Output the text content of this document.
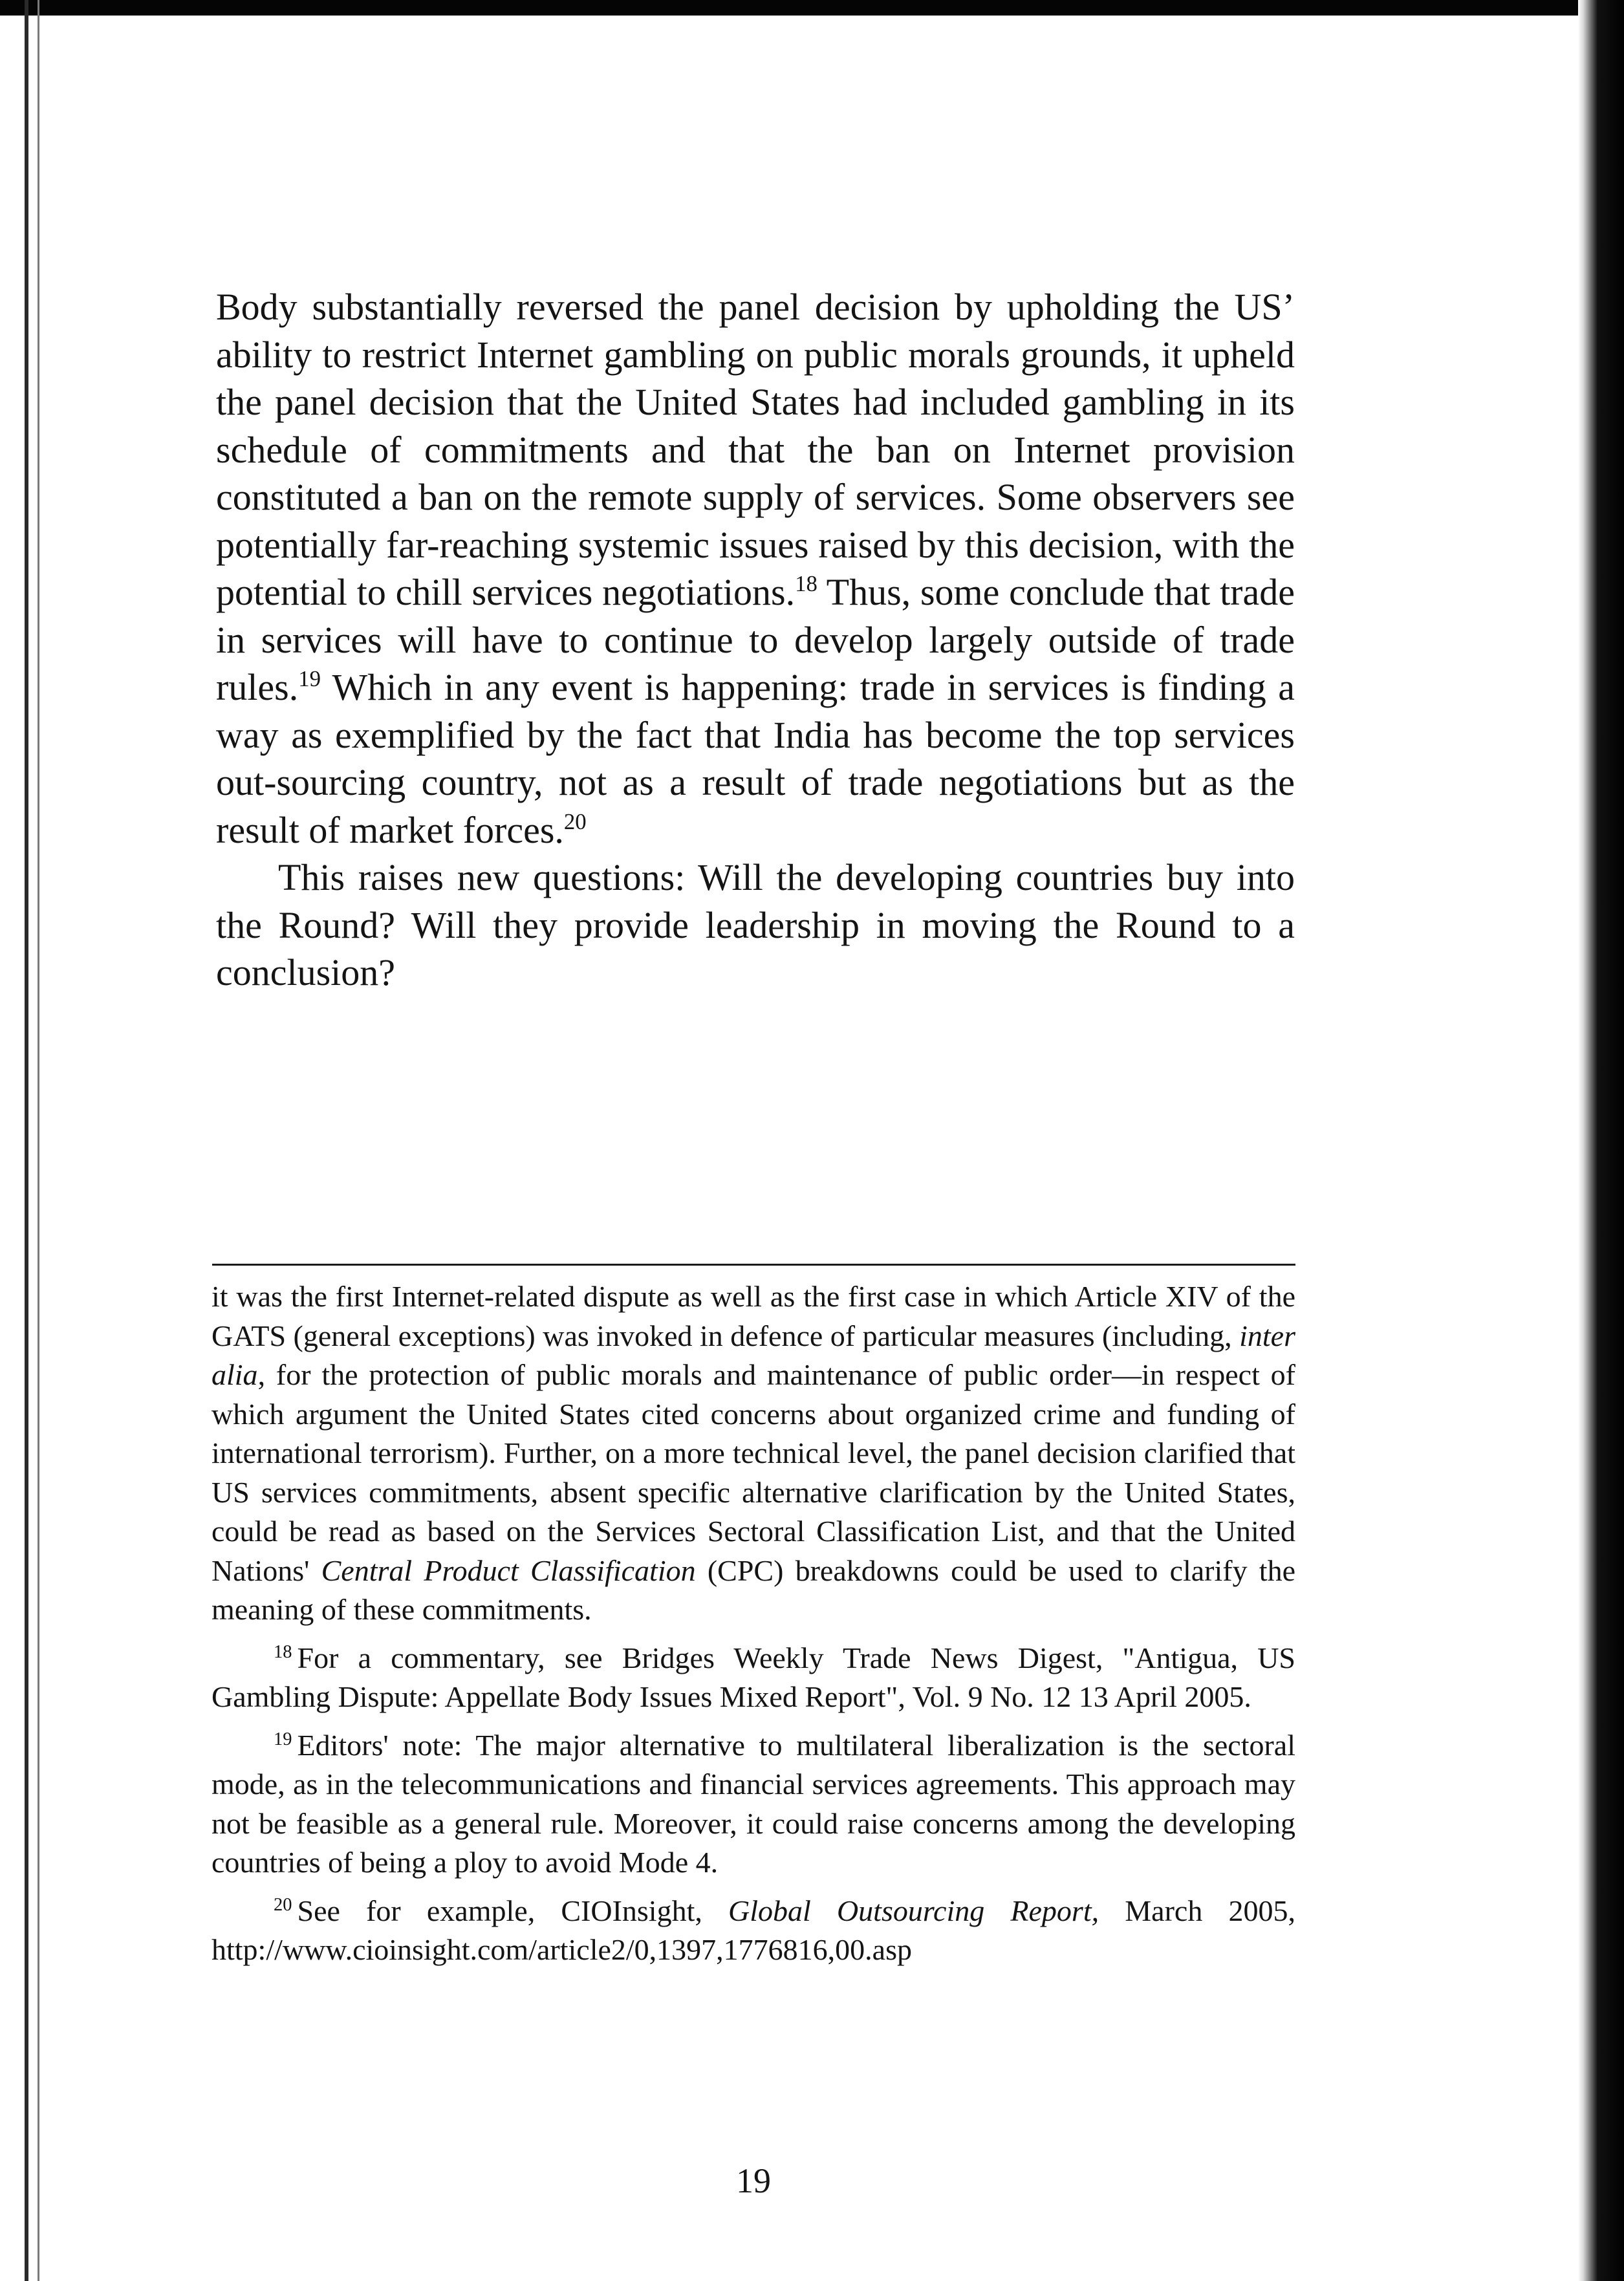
Body substantially reversed the panel decision by upholding the US’ ability to restrict Internet gambling on public morals grounds, it upheld the panel decision that the United States had included gambling in its schedule of commitments and that the ban on Internet provision constituted a ban on the remote supply of services. Some observers see potentially far-reaching systemic issues raised by this decision, with the potential to chill services negotiations.$^{18}$ Thus, some conclude that trade in services will have to continue to develop largely outside of trade rules.$^{19}$ Which in any event is happening: trade in services is finding a way as exemplified by the fact that India has become the top services out-sourcing country, not as a result of trade negotiations but as the result of market forces.$^{20}$

This raises new questions: Will the developing countries buy into the Round? Will they provide leadership in moving the Round to a conclusion?

it was the first Internet-related dispute as well as the first case in which Article XIV of the GATS (general exceptions) was invoked in defence of particular measures (including, inter alia, for the protection of public morals and maintenance of public order—in respect of which argument the United States cited concerns about organized crime and funding of international terrorism). Further, on a more technical level, the panel decision clarified that US services commitments, absent specific alternative clarification by the United States, could be read as based on the Services Sectoral Classification List, and that the United Nations' Central Product Classification (CPC) breakdowns could be used to clarify the meaning of these commitments.

$^{18}$ For a commentary, see Bridges Weekly Trade News Digest, "Antigua, US Gambling Dispute: Appellate Body Issues Mixed Report", Vol. 9 No. 12 13 April 2005.

$^{19}$ Editors' note: The major alternative to multilateral liberalization is the sectoral mode, as in the telecommunications and financial services agreements. This approach may not be feasible as a general rule. Moreover, it could raise concerns among the developing countries of being a ploy to avoid Mode 4.

$^{20}$ See for example, CIOInsight, Global Outsourcing Report, March 2005, http://www.cioinsight.com/article2/0,1397,1776816,00.asp

19
